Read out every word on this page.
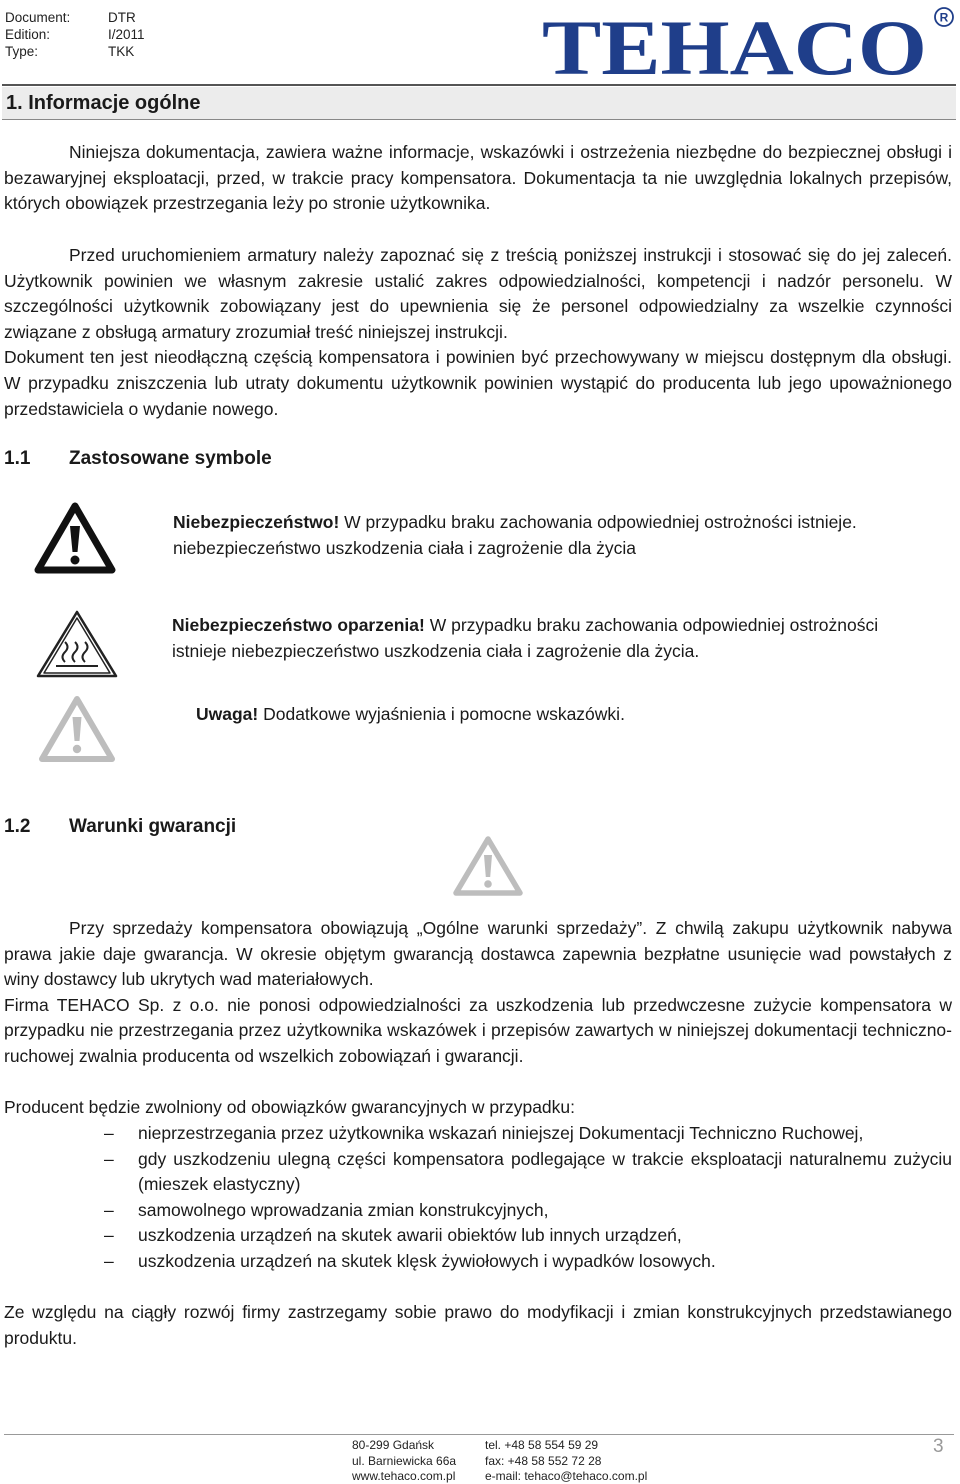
Document:	DTR
Edition:	I/2011
Type:	TKK	TEHACO R
1. Informacje ogólne
Niniejsza dokumentacja, zawiera ważne informacje, wskazówki i ostrzeżenia niezbędne do bezpiecznej obsługi i bezawaryjnej eksploatacji, przed, w trakcie pracy kompensatora. Dokumentacja ta nie uwzględnia lokalnych przepisów, których obowiązek przestrzegania leży po stronie użytkownika.
Przed uruchomieniem armatury należy zapoznać się z treścią poniższej instrukcji i stosować się do jej zaleceń. Użytkownik powinien we własnym zakresie ustalić zakres odpowiedzialności, kompetencji i nadzór personelu. W szczególności użytkownik zobowiązany jest do upewnienia się że personel odpowiedzialny za wszelkie czynności związane z obsługą armatury zrozumiał treść niniejszej instrukcji.
Dokument ten jest nieodłączną częścią kompensatora i powinien być przechowywany w miejscu dostępnym dla obsługi. W przypadku zniszczenia lub utraty dokumentu użytkownik powinien wystąpić do producenta lub jego upoważnionego przedstawiciela o wydanie nowego.
1.1 Zastosowane symbole
Niebezpieczeństwo! W przypadku braku zachowania odpowiedniej ostrożności istnieje.
niebezpieczeństwo uszkodzenia ciała i zagrożenie dla życia
Niebezpieczeństwo oparzenia! W przypadku braku zachowania odpowiedniej ostrożności
istnieje niebezpieczeństwo uszkodzenia ciała i zagrożenie dla życia.
Uwaga! Dodatkowe wyjaśnienia i pomocne wskazówki.
1.2 Warunki gwarancji
Przy sprzedaży kompensatora obowiązują „Ogólne warunki sprzedaży”. Z chwilą zakupu użytkownik nabywa prawa jakie daje gwarancja. W okresie objętym gwarancją dostawca zapewnia bezpłatne usunięcie wad powstałych z winy dostawcy lub ukrytych wad materiałowych.
Firma TEHACO Sp. z o.o. nie ponosi odpowiedzialności za uszkodzenia lub przedwczesne zużycie kompensatora w przypadku nie przestrzegania przez użytkownika wskazówek i przepisów zawartych w niniejszej dokumentacji techniczno-ruchowej zwalnia producenta od wszelkich zobowiązań i gwarancji.
Producent będzie zwolniony od obowiązków gwarancyjnych w przypadku:
–	nieprzestrzegania przez użytkownika wskazań niniejszej Dokumentacji Techniczno Ruchowej,
–	gdy uszkodzeniu ulegną części kompensatora podlegające w trakcie eksploatacji naturalnemu zużyciu (mieszek elastyczny)
–	samowolnego wprowadzania zmian konstrukcyjnych,
–	uszkodzenia urządzeń na skutek awarii obiektów lub innych urządzeń,
–	uszkodzenia urządzeń na skutek klęsk żywiołowych i wypadków losowych.
Ze względu na ciągły rozwój firmy zastrzegamy sobie prawo do modyfikacji i zmian konstrukcyjnych przedstawianego produktu.
80-299 Gdańsk
ul. Barniewicka 66a
www.tehaco.com.pl
tel. +48 58 554 59 29
fax: +48 58 552 72 28
e-mail: tehaco@tehaco.com.pl
3
